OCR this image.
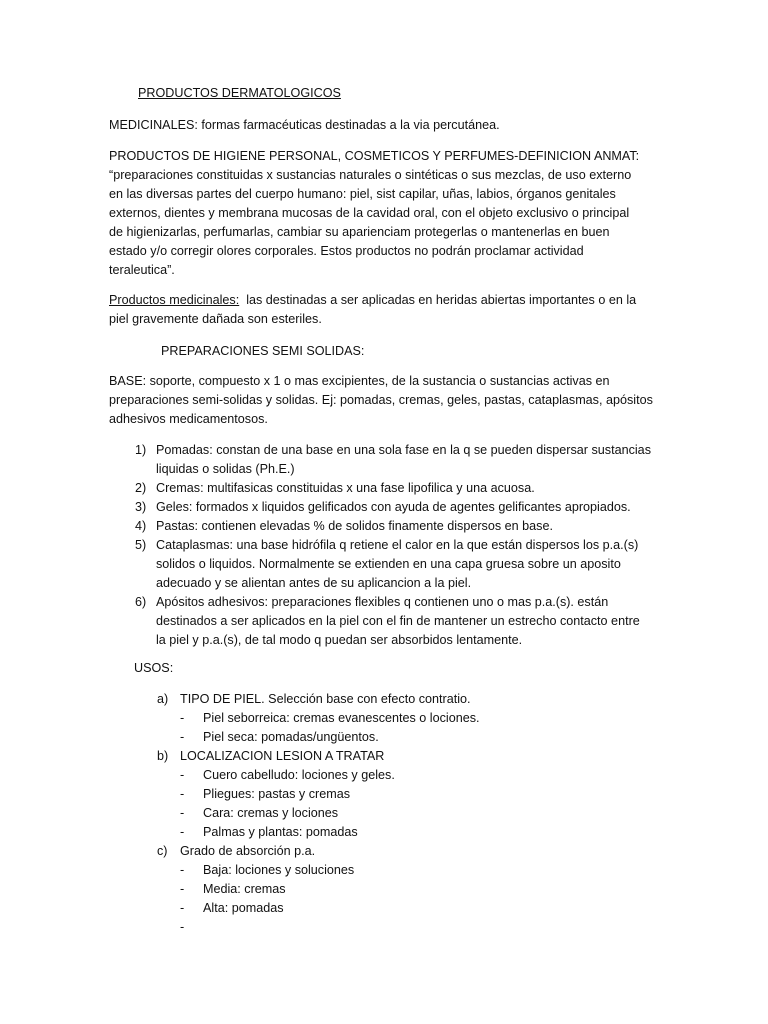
PRODUCTOS DERMATOLOGICOS
MEDICINALES: formas farmacéuticas destinadas a la via percutánea.
PRODUCTOS DE HIGIENE PERSONAL, COSMETICOS Y PERFUMES-DEFINICION ANMAT:
“preparaciones constituidas x sustancias naturales o sintéticas o sus mezclas, de uso externo
en las diversas partes del cuerpo humano: piel, sist capilar, uñas, labios, órganos genitales
externos, dientes y membrana mucosas de la cavidad oral, con el objeto exclusivo o principal
de higienizarlas, perfumarlas, cambiar su aparienciam protegerlas o mantenerlas en buen
estado y/o corregir olores corporales. Estos productos no podrán proclamar actividad
teraleutica”.
Productos medicinales:  las destinadas a ser aplicadas en heridas abiertas importantes o en la
piel gravemente dañada son esteriles.
PREPARACIONES SEMI SOLIDAS:
BASE: soporte, compuesto x 1 o mas excipientes, de la sustancia o sustancias activas en
preparaciones semi-solidas y solidas. Ej: pomadas, cremas, geles, pastas, cataplasmas, apósitos
adhesivos medicamentosos.
1) Pomadas: constan de una base en una sola fase en la q se pueden dispersar sustancias
liquidas o solidas (Ph.E.)
2) Cremas: multifasicas constituidas x una fase lipofilica y una acuosa.
3) Geles: formados x liquidos gelificados con ayuda de agentes gelificantes apropiados.
4) Pastas: contienen elevadas % de solidos finamente dispersos en base.
5) Cataplasmas: una base hidrófila q retiene el calor en la que están dispersos los p.a.(s)
solidos o liquidos. Normalmente se extienden en una capa gruesa sobre un aposito
adecuado y se alientan antes de su aplicancion a la piel.
6) Apósitos adhesivos: preparaciones flexibles q contienen uno o mas p.a.(s). están
destinados a ser aplicados en la piel con el fin de mantener un estrecho contacto entre
la piel y p.a.(s), de tal modo q puedan ser absorbidos lentamente.
USOS:
a) TIPO DE PIEL. Selección base con efecto contratio.
- Piel seborreica: cremas evanescentes o lociones.
- Piel seca: pomadas/ungüentos.
b) LOCALIZACION LESION A TRATAR
- Cuero cabelludo: lociones y geles.
- Pliegues: pastas y cremas
- Cara: cremas y lociones
- Palmas y plantas: pomadas
c) Grado de absorción p.a.
- Baja: lociones y soluciones
- Media: cremas
- Alta: pomadas
-
